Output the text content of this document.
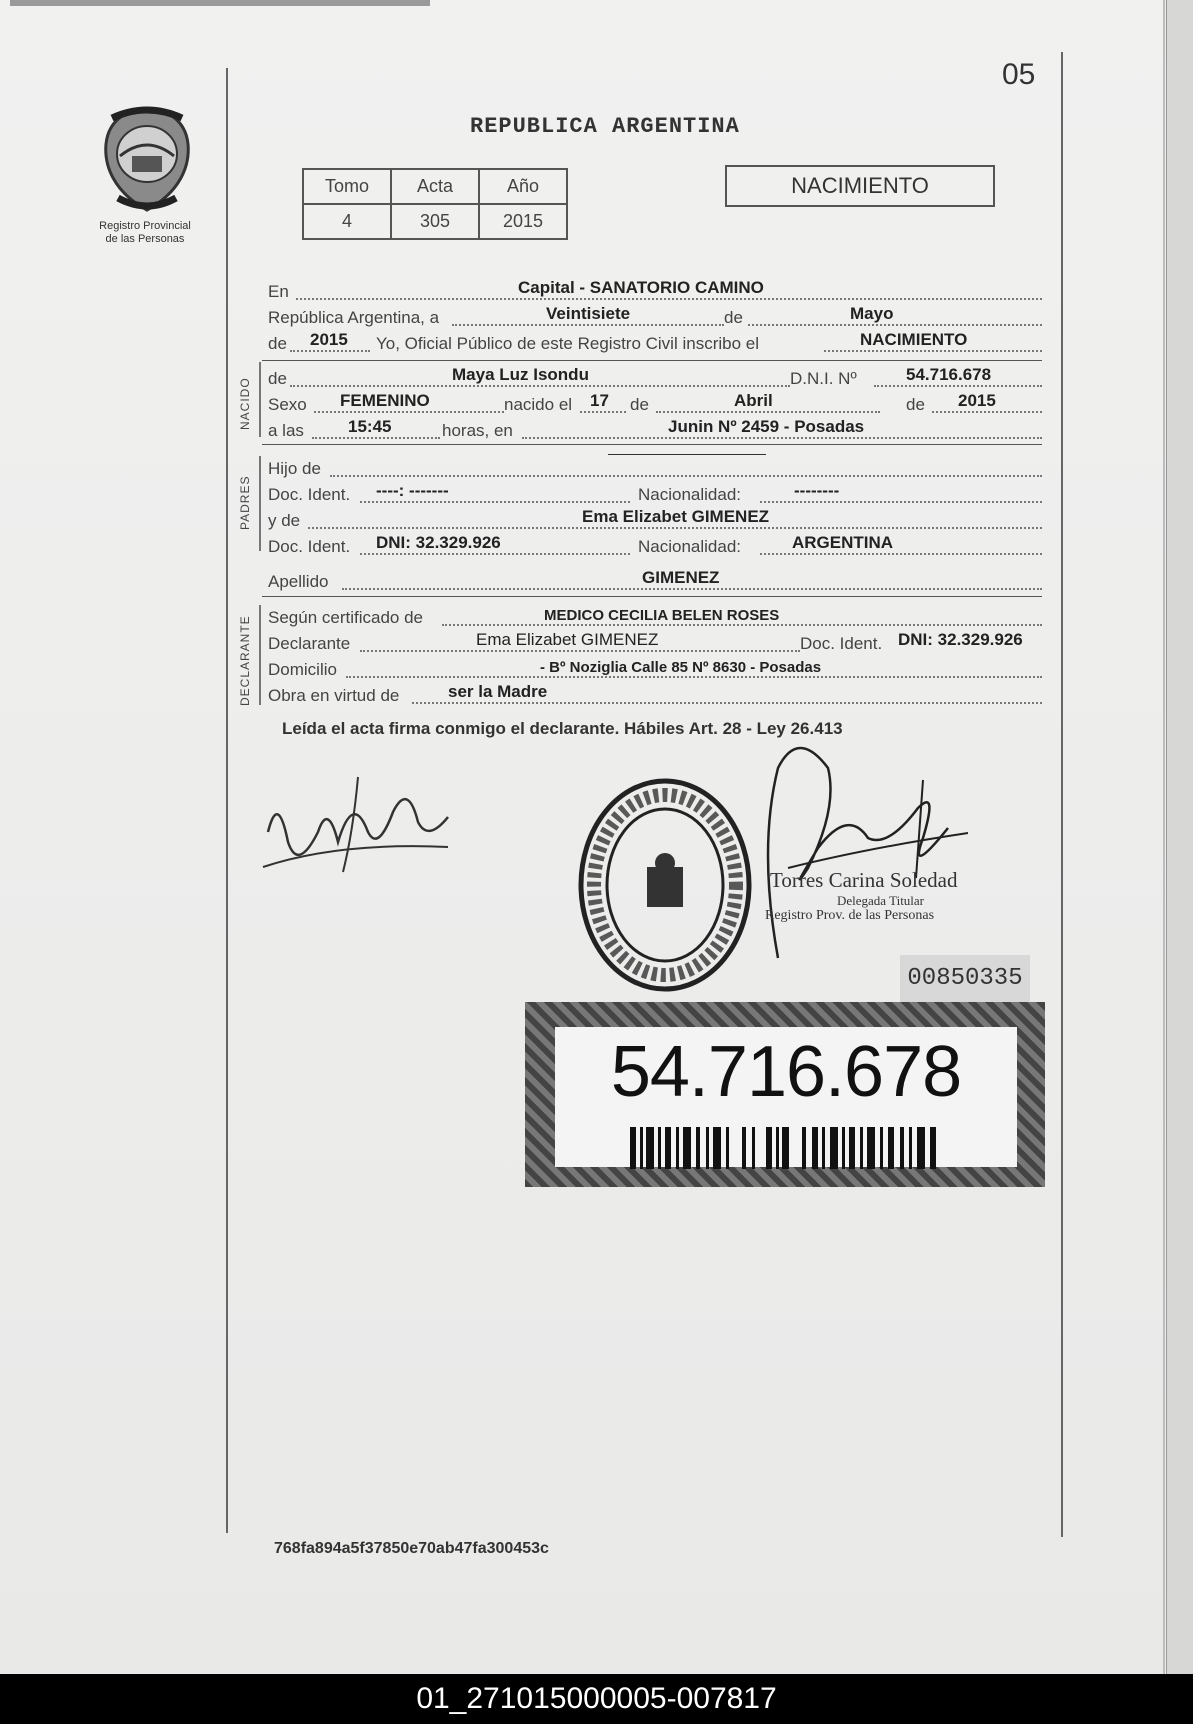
05
REPUBLICA ARGENTINA
Registro Provincial
de las Personas
Tomo	Acta	Año
4	305	2015
NACIMIENTO
En	Capital - SANATORIO CAMINO
República Argentina, a	Veintisiete	de	Mayo
de 2015 Yo, Oficial Público de este Registro Civil inscribo el	NACIMIENTO
NACIDO de	Maya Luz Isondu	D.N.I. Nº	54.716.678
Sexo FEMENINO	nacido el 17 de	Abril	de 2015
a las	15:45	horas, en	Junin Nº 2459 - Posadas
PADRES
Hijo de
Doc. Ident. ----: -------	Nacionalidad:	--------
y de	Ema Elizabet GIMENEZ
Doc. Ident. DNI: 32.329.926	Nacionalidad:	ARGENTINA
Apellido	GIMENEZ
DECLARANTE Según certificado de	MEDICO CECILIA BELEN ROSES
Declarante	Ema Elizabet GIMENEZ	Doc. Ident. DNI: 32.329.926
Domicilio	- Bº Noziglia Calle 85 Nº 8630 - Posadas
Obra en virtud de	ser la Madre
Leída el acta firma conmigo el declarante. Hábiles Art. 28 - Ley 26.413
Torres Carina Soledad
Delegada Titular
Registro Prov. de las Personas
00850335
54.716.678
768fa894a5f37850e70ab47fa300453c
01_271015000005-007817
